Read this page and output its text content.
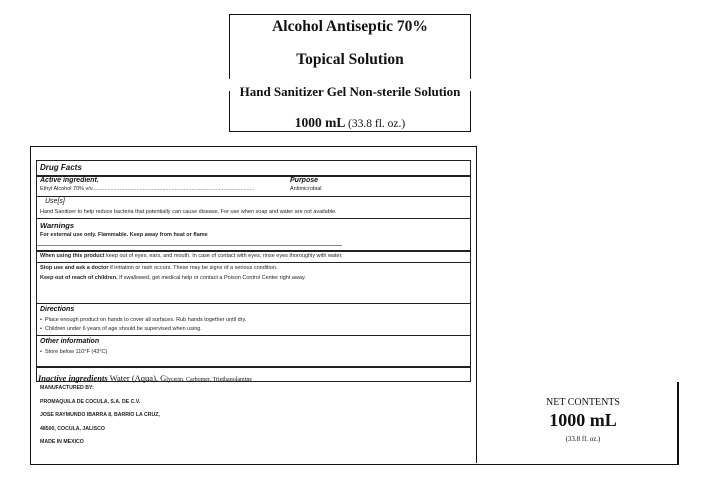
Alcohol Antiseptic 70%
Topical Solution
Hand Sanitizer Gel Non-sterile Solution
1000 mL (33.8 fl. oz.)
Drug Facts
Active ingredient.	Purpose
Ethyl Alcohol 70% v/v..........................................................................................................	Antimicrobial
Use[s]
Hand Sanitizer to help reduce bacteria that potentially can cause disease. For use when soap and water are not available.
Warnings
For external use only. Flammable. Keep away from heat or flame
When using this product keep out of eyes, ears, and mouth. In case of contact with eyes, rinse eyes thoroughly with water.
Stop use and ask a doctor if irritation or rash occurs. These may be signs of a serious condition.
Keep out of reach of children. If swallowed, get medical help or contact a Poison Control Center right away.
Directions
•  Place enough product on hands to cover all surfaces. Rub hands together until dry.
•  Children under 6 years of age should be supervised when using.
Other information
•  Store below 110°F (43°C)
Inactive ingredients Water (Aqua), Glycerin, Carbomer, Triethanolamine
MANUFACTURED BY:
PROMAQUILA DE COCULA, S.A. DE C.V.
JOSE RAYMUNDO IBARRA 8, BARRIO LA CRUZ,
48500, COCULA, JALISCO
MADE IN MEXICO
NET CONTENTS
1000 mL
(33.8 fl. oz.)
